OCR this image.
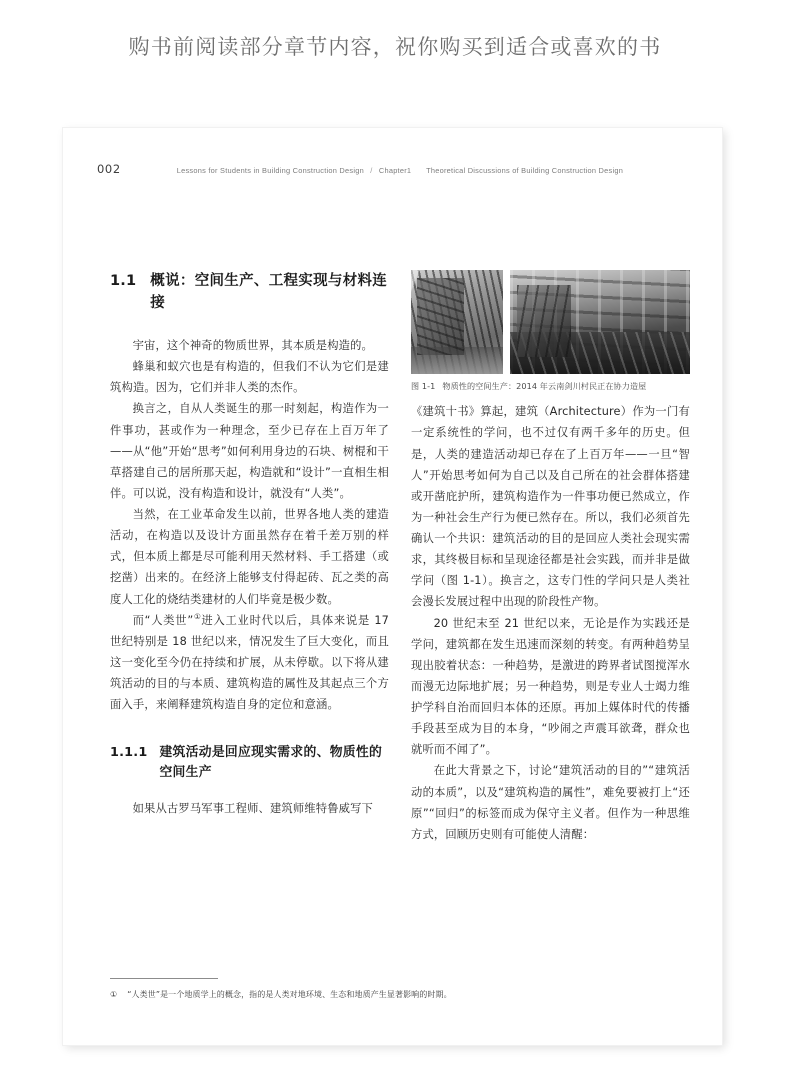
购书前阅读部分章节内容，祝你购买到适合或喜欢的书
002	Lessons for Students in Building Construction Design / Chapter1 Theoretical Discussions of Building Construction Design
1.1 概说：空间生产、工程实现与材料连接

宇宙，这个神奇的物质世界，其本质是构造的。

蜂巢和蚁穴也是有构造的，但我们不认为它们是建筑构造。因为，它们并非人类的杰作。

换言之，自从人类诞生的那一时刻起，构造作为一件事功，甚或作为一种理念，至少已存在上百万年了——从“他”开始“思考”如何利用身边的石块、树棍和干草搭建自己的居所那天起，构造就和“设计”一直相生相伴。可以说，没有构造和设计，就没有“人类”。

当然，在工业革命发生以前，世界各地人类的建造活动，在构造以及设计方面虽然存在着千差万别的样式，但本质上都是尽可能利用天然材料、手工搭建（或挖凿）出来的。在经济上能够支付得起砖、瓦之类的高度人工化的烧结类建材的人们毕竟是极少数。

而“人类世”①进入工业时代以后，具体来说是 17 世纪特别是 18 世纪以来，情况发生了巨大变化，而且这一变化至今仍在持续和扩展，从未停歇。以下将从建筑活动的目的与本质、建筑构造的属性及其起点三个方面入手，来阐释建筑构造自身的定位和意涵。

1.1.1 建筑活动是回应现实需求的、物质性的空间生产

如果从古罗马军事工程师、建筑师维特鲁威写下

图 1-1 物质性的空间生产：2014 年云南剑川村民正在协力造屋

《建筑十书》算起，建筑（Architecture）作为一门有一定系统性的学问，也不过仅有两千多年的历史。但是，人类的建造活动却已存在了上百万年——一旦“智人”开始思考如何为自己以及自己所在的社会群体搭建或开凿庇护所，建筑构造作为一件事功便已然成立，作为一种社会生产行为便已然存在。所以，我们必须首先确认一个共识：建筑活动的目的是回应人类社会现实需求，其终极目标和呈现途径都是社会实践，而并非是做学问（图 1-1）。换言之，这专门性的学问只是人类社会漫长发展过程中出现的阶段性产物。

20 世纪末至 21 世纪以来，无论是作为实践还是学问，建筑都在发生迅速而深刻的转变。有两种趋势呈现出胶着状态：一种趋势，是激进的跨界者试图搅浑水而漫无边际地扩展；另一种趋势，则是专业人士竭力维护学科自治而回归本体的还原。再加上媒体时代的传播手段甚至成为目的本身，“吵闹之声震耳欲聋，群众也就听而不闻了”。

在此大背景之下，讨论“建筑活动的目的”“建筑活动的本质”，以及“建筑构造的属性”，难免要被打上“还原”“回归”的标签而成为保守主义者。但作为一种思维方式，回顾历史则有可能使人清醒：

① “人类世”是一个地质学上的概念，指的是人类对地环境、生态和地质产生显著影响的时期。
